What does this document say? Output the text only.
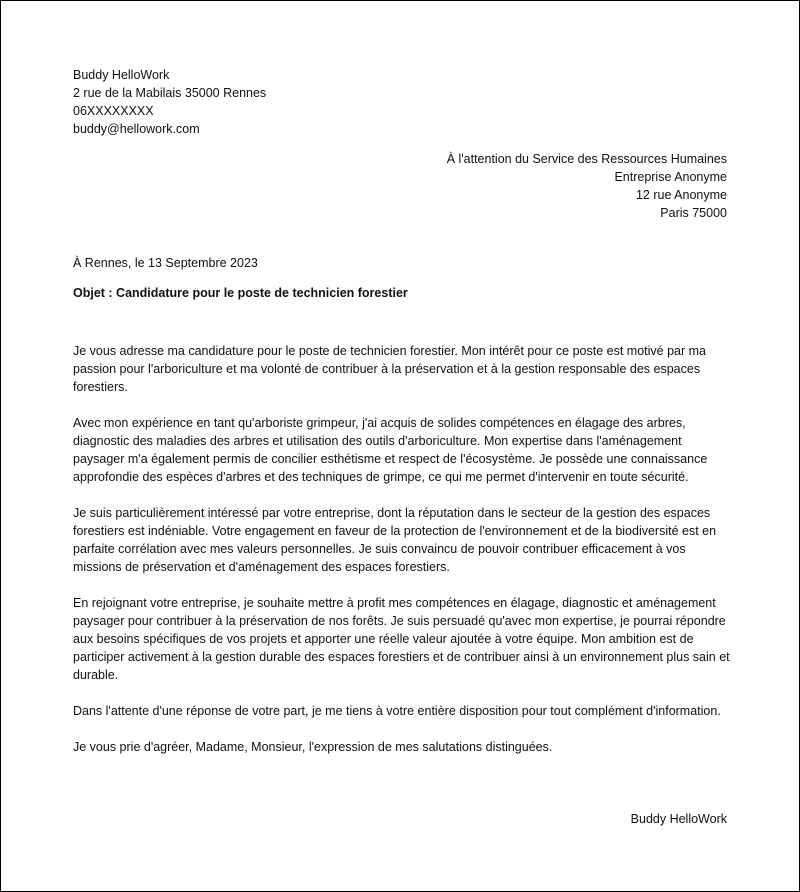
Buddy HelloWork
2 rue de la Mabilais 35000 Rennes
06XXXXXXXX
buddy@hellowork.com
À l'attention du Service des Ressources Humaines
Entreprise Anonyme
12 rue Anonyme
Paris 75000
À Rennes, le 13 Septembre 2023
Objet : Candidature pour le poste de technicien forestier

Je vous adresse ma candidature pour le poste de technicien forestier. Mon intérêt pour ce poste est motivé par ma passion pour l'arboriculture et ma volonté de contribuer à la préservation et à la gestion responsable des espaces forestiers.

Avec mon expérience en tant qu'arboriste grimpeur, j'ai acquis de solides compétences en élagage des arbres, diagnostic des maladies des arbres et utilisation des outils d'arboriculture. Mon expertise dans l'aménagement paysager m'a également permis de concilier esthétisme et respect de l'écosystème. Je possède une connaissance approfondie des espèces d'arbres et des techniques de grimpe, ce qui me permet d'intervenir en toute sécurité.

Je suis particulièrement intéressé par votre entreprise, dont la réputation dans le secteur de la gestion des espaces forestiers est indéniable. Votre engagement en faveur de la protection de l'environnement et de la biodiversité est en parfaite corrélation avec mes valeurs personnelles. Je suis convaincu de pouvoir contribuer efficacement à vos missions de préservation et d'aménagement des espaces forestiers.

En rejoignant votre entreprise, je souhaite mettre à profit mes compétences en élagage, diagnostic et aménagement paysager pour contribuer à la préservation de nos forêts. Je suis persuadé qu'avec mon expertise, je pourrai répondre aux besoins spécifiques de vos projets et apporter une réelle valeur ajoutée à votre équipe. Mon ambition est de participer activement à la gestion durable des espaces forestiers et de contribuer ainsi à un environnement plus sain et durable.

Dans l'attente d'une réponse de votre part, je me tiens à votre entière disposition pour tout complément d'information.

Je vous prie d'agréer, Madame, Monsieur, l'expression de mes salutations distinguées.

Buddy HelloWork
